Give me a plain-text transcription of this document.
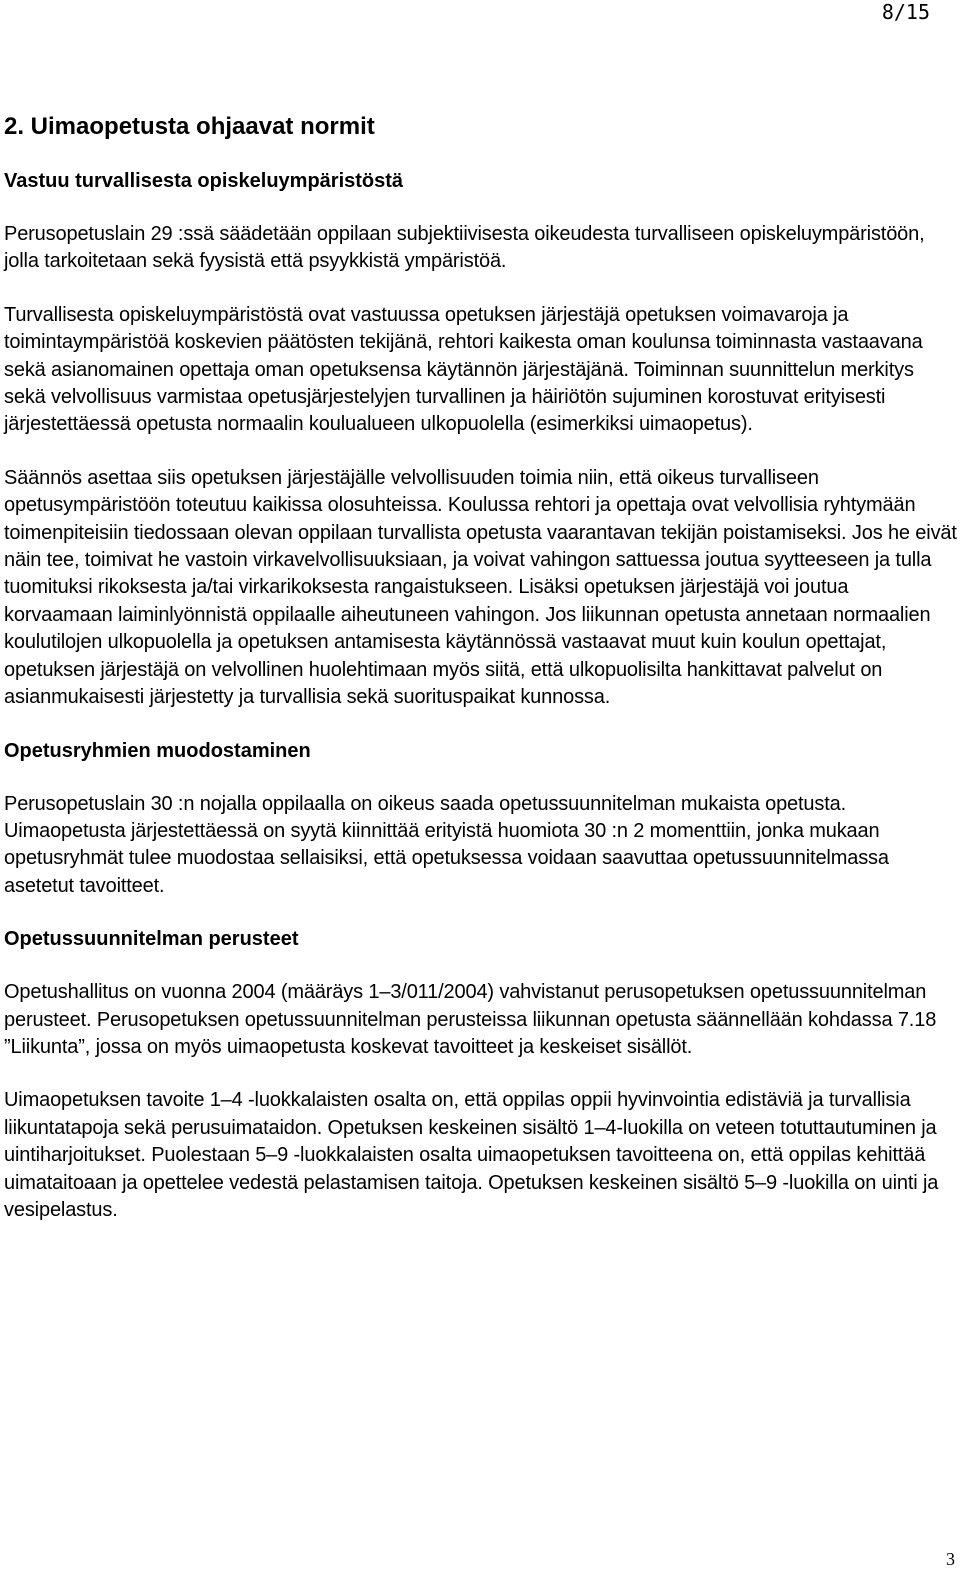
8/15
2. Uimaopetusta ohjaavat normit
Vastuu turvallisesta opiskeluympäristöstä

Perusopetuslain 29 :ssä säädetään oppilaan subjektiivisesta oikeudesta turvalliseen opiskeluympäristöön, jolla tarkoitetaan sekä fyysistä että psyykkistä ympäristöä.

Turvallisesta opiskeluympäristöstä ovat vastuussa opetuksen järjestäjä opetuksen voimavaroja ja toimintaympäristöä koskevien päätösten tekijänä, rehtori kaikesta oman koulunsa toiminnasta vastaavana sekä asianomainen opettaja oman opetuksensa käytännön järjestäjänä. Toiminnan suunnittelun merkitys sekä velvollisuus varmistaa opetusjärjestelyjen turvallinen ja häiriötön sujuminen korostuvat erityisesti järjestettäessä opetusta normaalin koulualueen ulkopuolella (esimerkiksi uimaopetus).

Säännös asettaa siis opetuksen järjestäjälle velvollisuuden toimia niin, että oikeus turvalliseen opetusympäristöön toteutuu kaikissa olosuhteissa. Koulussa rehtori ja opettaja ovat velvollisia ryhtymään toimenpiteisiin tiedossaan olevan oppilaan turvallista opetusta vaarantavan tekijän poistamiseksi. Jos he eivät näin tee, toimivat he vastoin virkavelvollisuuksiaan, ja voivat vahingon sattuessa joutua syytteeseen ja tulla tuomituksi rikoksesta ja/tai virkarikoksesta rangaistukseen. Lisäksi opetuksen järjestäjä voi joutua korvaamaan laiminlyönnistä oppilaalle aiheutuneen vahingon. Jos liikunnan opetusta annetaan normaalien koulutilojen ulkopuolella ja opetuksen antamisesta käytännössä vastaavat muut kuin koulun opettajat, opetuksen järjestäjä on velvollinen huolehtimaan myös siitä, että ulkopuolisilta hankittavat palvelut on asianmukaisesti järjestetty ja turvallisia sekä suorituspaikat kunnossa.

Opetusryhmien muodostaminen

Perusopetuslain 30 :n nojalla oppilaalla on oikeus saada opetussuunnitelman mukaista opetusta. Uimaopetusta järjestettäessä on syytä kiinnittää erityistä huomiota 30 :n 2 momenttiin, jonka mukaan opetusryhmät tulee muodostaa sellaisiksi, että opetuksessa voidaan saavuttaa opetussuunnitelmassa asetetut tavoitteet.

Opetussuunnitelman perusteet

Opetushallitus on vuonna 2004 (määräys 1–3/011/2004) vahvistanut perusopetuksen opetussuunnitelman perusteet. Perusopetuksen opetussuunnitelman perusteissa liikunnan opetusta säännellään kohdassa 7.18 ”Liikunta”, jossa on myös uimaopetusta koskevat tavoitteet ja keskeiset sisällöt.

Uimaopetuksen tavoite 1–4 -luokkalaisten osalta on, että oppilas oppii hyvinvointia edistäviä ja turvallisia liikuntatapoja sekä perusuimataidon. Opetuksen keskeinen sisältö 1–4-luokilla on veteen totuttautuminen ja uintiharjoitukset. Puolestaan 5–9 -luokkalaisten osalta uimaopetuksen tavoitteena on, että oppilas kehittää uimataitoaan ja opettelee vedestä pelastamisen taitoja. Opetuksen keskeinen sisältö 5–9 -luokilla on uinti ja vesipelastus.

3
